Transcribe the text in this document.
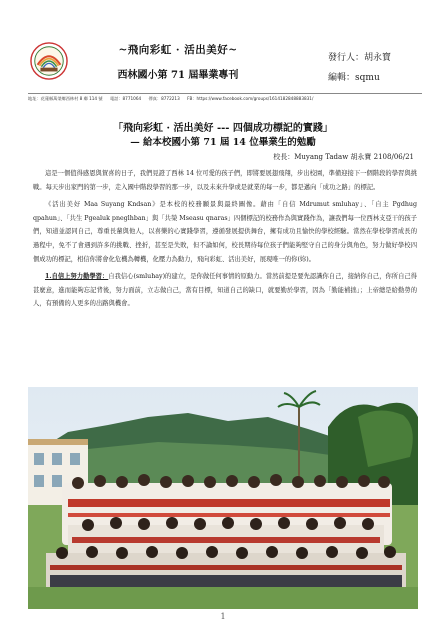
~飛向彩虹 · 活出美好~
西林國小第 71 屆畢業專刊
發行人：胡永寶
編輯：sqmu
地址：花蓮縣萬榮鄉西林村 8 鄰 114 號 電話：8771064 傳真：8772213 FB：https://www.facebook.com/groups/1614182848883831/
「飛向彩虹 · 活出美好 --- 四個成功標記的實踐」
— 給本校國小第 71 屆 14 位畢業生的勉勵
校長：Muyang Tadaw 胡永寶 2108/06/21

這是一個值得感恩與賀喜的日子，我們見證了西林 14 位可愛的孩子們，即將要展翅飛翔，步出校園，準備迎接下一個階段的學習與挑戰。每天步出家門的第一步，走入國中階段學習的那一步，以及未來升學或是就業的每一步，都是邁向「成功之路」的標記。

《活出美好 Maa Suyang Kndsan》是本校的校務願景與最終圖像。藉由「自信 Mdrumut smluhay」、「自主 Pgdhug qpahun」、「共生 Pgealuk pneglhban」與「共榮 Mseasu qnaras」四個標記的校務作為與實踐作為，讓我們每一位西林支亞干的孩子們，知道並認同自己，尊重長輩與他人，以喜樂的心實踐學習，遵循發展提供舞台，擁有成功且愉快的學校經驗。當然在學校學習成長的過程中，免不了會遇到許多的挑戰、挫折，甚至是失敗，但不論如何，校長期待每位孩子們能夠堅守自己的身分與角色，努力做好學校四個成功的標記，相信你將會化危機為轉機，化壓力為動力，飛向彩虹、活出美好，展現唯一的你(妳)。

1.自信上努力勤學習：自我信心(smluhay)的建立，是你做任何事情的原動力。當然前提是要先認識你自己，接納你自己，你所自己得甚麼意，進而能夠忘記背後，努力面前，立志做自己，當有目標，知道自己的缺口，就要勤於學習，因為「勤能補拙」；上帝總是給勤勞的人，有預備的人更多的出路與機會。

1
